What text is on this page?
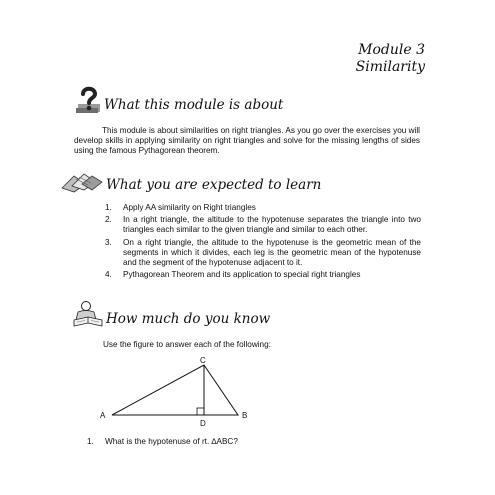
Module 3
Similarity
What this module is about

This module is about similarities on right triangles. As you go over the exercises you will develop skills in applying similarity on right triangles and solve for the missing lengths of sides using the famous Pythagorean theorem.

What you are expected to learn
1.	Apply AA similarity on Right triangles
2.	In a right triangle, the altitude to the hypotenuse separates the triangle into two triangles each similar to the given triangle and similar to each other.
3.	On a right triangle, the altitude to the hypotenuse is the geometric mean of the segments in which it divides, each leg is the geometric mean of the hypotenuse and the segment of the hypotenuse adjacent to it.
4.	Pythagorean Theorem and its application to special right triangles
How much do you know
Use the figure to answer each of the following:
A	B
C
D
1.	What is the hypotenuse of rt. ∆ABC?
